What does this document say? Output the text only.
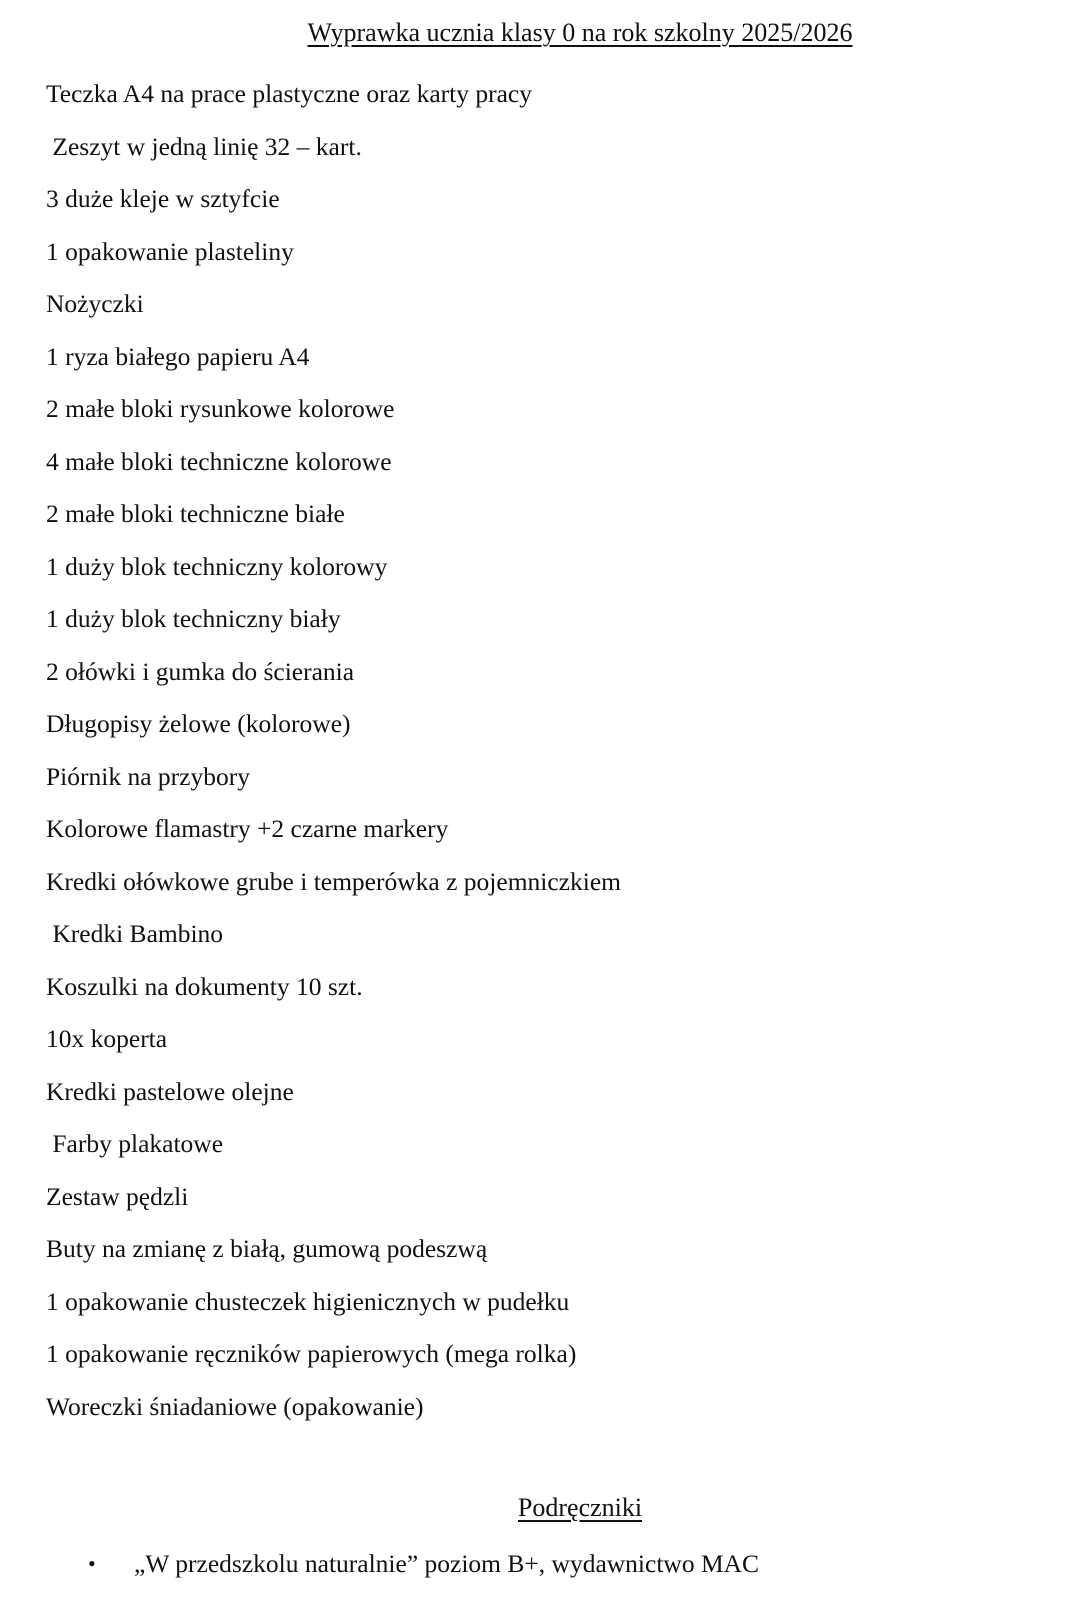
Wyprawka ucznia klasy 0 na rok szkolny 2025/2026
Teczka A4 na prace plastyczne oraz karty pracy
Zeszyt w jedną linię 32 – kart.
3 duże kleje w sztyfcie
1 opakowanie plasteliny
Nożyczki
1 ryza białego papieru A4
2 małe bloki rysunkowe kolorowe
4 małe bloki techniczne kolorowe
2 małe bloki techniczne białe
1 duży blok techniczny kolorowy
1 duży blok techniczny biały
2 ołówki i gumka do ścierania
Długopisy żelowe (kolorowe)
Piórnik na przybory
Kolorowe flamastry +2 czarne markery
Kredki ołówkowe grube i temperówka z pojemniczkiem
Kredki Bambino
Koszulki na dokumenty 10 szt.
10x koperta
Kredki pastelowe olejne
Farby plakatowe
Zestaw pędzli
Buty na zmianę z białą, gumową podeszwą
1 opakowanie chusteczek higienicznych w pudełku
1 opakowanie ręczników papierowych (mega rolka)
Woreczki śniadaniowe (opakowanie)
Podręczniki
•	„W przedszkolu naturalnie” poziom B+, wydawnictwo MAC
